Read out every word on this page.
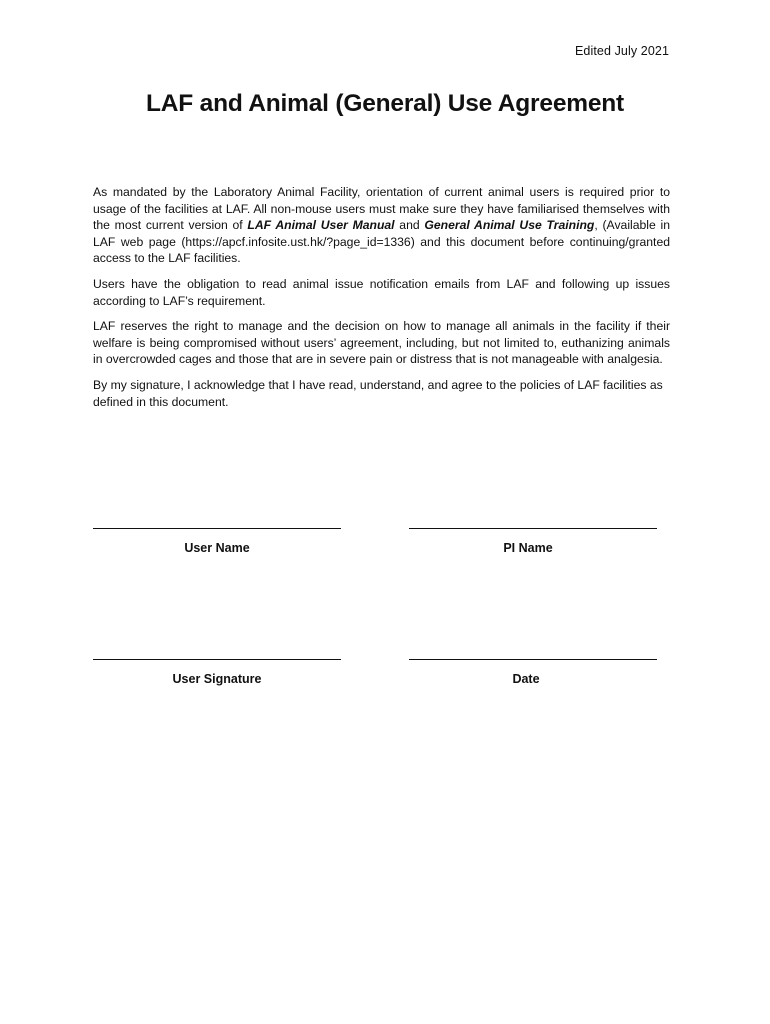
Edited July 2021
LAF and Animal (General) Use Agreement

As mandated by the Laboratory Animal Facility, orientation of current animal users is required prior to usage of the facilities at LAF. All non-mouse users must make sure they have familiarised themselves with the most current version of LAF Animal User Manual and General Animal Use Training, (Available in LAF web page (https://apcf.infosite.ust.hk/?page_id=1336) and this document before continuing/granted access to the LAF facilities.

Users have the obligation to read animal issue notification emails from LAF and following up issues according to LAF’s requirement.

LAF reserves the right to manage and the decision on how to manage all animals in the facility if their welfare is being compromised without users’ agreement, including, but not limited to, euthanizing animals in overcrowded cages and those that are in severe pain or distress that is not manageable with analgesia.

By my signature, I acknowledge that I have read, understand, and agree to the policies of LAF facilities as defined in this document.

User Name	PI Name
User Signature	Date
